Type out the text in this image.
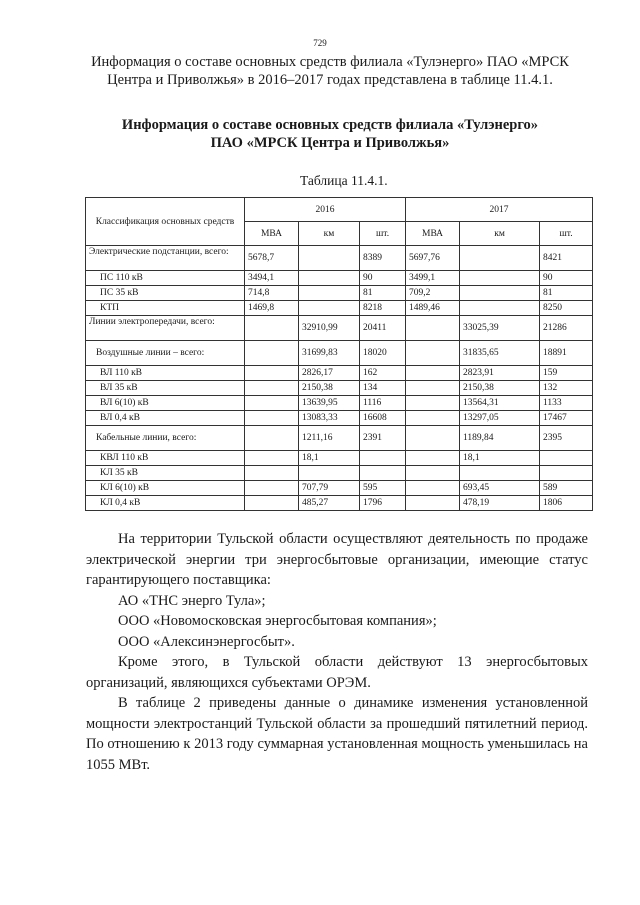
729
Информация о составе основных средств филиала «Тулэнерго» ПАО «МРСК Центра и Приволжья» в 2016–2017 годах представлена в таблице 11.4.1.
Информация о составе основных средств филиала «Тулэнерго»
ПАО «МРСК Центра и Приволжья»
Таблица 11.4.1.
Классификация основных средств	2016			2017		
	МВА	км	шт.	МВА	км	шт.
Электрические подстанции, всего:	5678,7		8389	5697,76		8421
ПС 110 кВ	3494,1		90	3499,1		90
ПС 35 кВ	714,8		81	709,2		81
КТП	1469,8		8218	1489,46		8250
Линии электропередачи, всего:		32910,99	20411		33025,39	21286
Воздушные линии – всего:		31699,83	18020		31835,65	18891
ВЛ 110 кВ		2826,17	162		2823,91	159
ВЛ 35 кВ		2150,38	134		2150,38	132
ВЛ 6(10) кВ		13639,95	1116		13564,31	1133
ВЛ 0,4 кВ		13083,33	16608		13297,05	17467
Кабельные линии, всего:		1211,16	2391		1189,84	2395
КВЛ 110 кВ		18,1			18,1	
КЛ 35 кВ						
КЛ 6(10) кВ		707,79	595		693,45	589
КЛ 0,4 кВ		485,27	1796		478,19	1806

На территории Тульской области осуществляют деятельность по продаже электрической энергии три энергосбытовые организации, имеющие статус гарантирующего поставщика:

АО «ТНС энерго Тула»;

ООО «Новомосковская энергосбытовая компания»;

ООО «Алексинэнергосбыт».

Кроме этого, в Тульской области действуют 13 энергосбытовых организаций, являющихся субъектами ОРЭМ.

В таблице 2 приведены данные о динамике изменения установленной мощности электростанций Тульской области за прошедший пятилетний период. По отношению к 2013 году суммарная установленная мощность уменьшилась на 1055 МВт.
